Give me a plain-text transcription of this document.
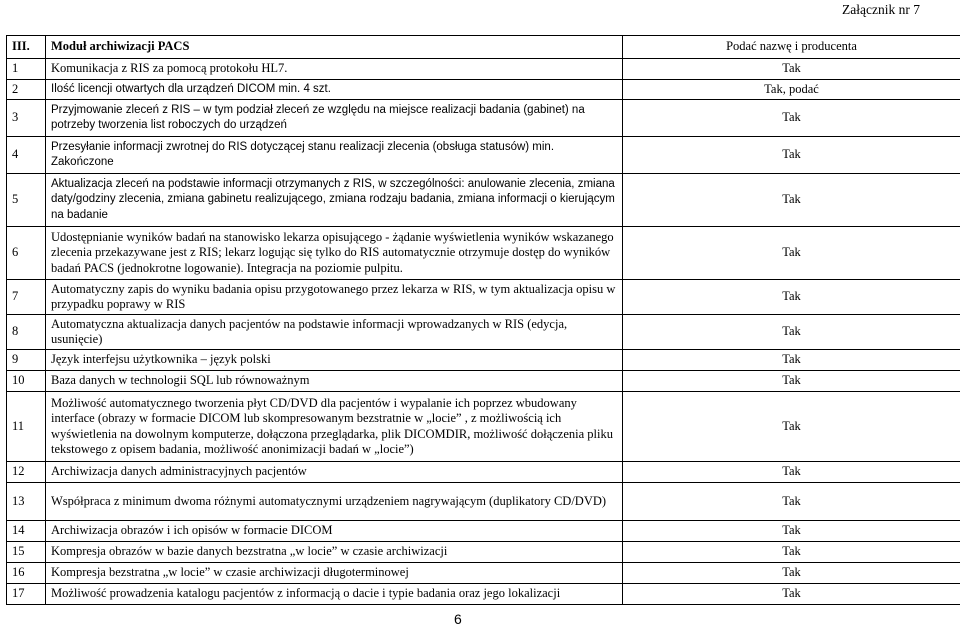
Załącznik nr 7
III.	Moduł archiwizacji PACS	Podać nazwę i producenta
1	Komunikacja z RIS za pomocą protokołu HL7.	Tak
2	Ilość licencji otwartych dla urządzeń DICOM min. 4 szt.	Tak, podać
3	Przyjmowanie zleceń z RIS – w tym podział zleceń ze względu na miejsce realizacji badania (gabinet) na potrzeby tworzenia list roboczych do urządzeń	Tak
4	Przesyłanie informacji zwrotnej do RIS dotyczącej stanu realizacji zlecenia (obsługa statusów) min. Zakończone	Tak
5	Aktualizacja zleceń na podstawie informacji otrzymanych z RIS, w szczególności: anulowanie zlecenia, zmiana daty/godziny zlecenia, zmiana gabinetu realizującego, zmiana rodzaju badania, zmiana informacji o kierującym na badanie	Tak
6	Udostępnianie wyników badań na stanowisko lekarza opisującego - żądanie wyświetlenia wyników wskazanego zlecenia przekazywane jest z RIS; lekarz logując się tylko do RIS automatycznie otrzymuje dostęp do wyników badań PACS (jednokrotne logowanie). Integracja na poziomie pulpitu.	Tak
7	Automatyczny zapis do wyniku badania opisu przygotowanego przez lekarza w RIS, w tym aktualizacja opisu w przypadku poprawy w RIS	Tak
8	Automatyczna aktualizacja danych pacjentów na podstawie informacji wprowadzanych w RIS (edycja, usunięcie)	Tak
9	Język interfejsu użytkownika – język polski	Tak
10	Baza danych w technologii SQL lub równoważnym	Tak
11	Możliwość automatycznego tworzenia płyt CD/DVD dla pacjentów i wypalanie ich poprzez wbudowany interface (obrazy w formacie DICOM lub skompresowanym bezstratnie w „locie” , z możliwością ich wyświetlenia na dowolnym komputerze, dołączona przeglądarka, plik DICOMDIR, możliwość dołączenia pliku tekstowego z opisem badania, możliwość anonimizacji badań w „locie”)	Tak
12	Archiwizacja danych administracyjnych pacjentów	Tak
13	Współpraca z minimum dwoma różnymi automatycznymi urządzeniem nagrywającym (duplikatory CD/DVD)	Tak
14	Archiwizacja obrazów i ich opisów w formacie DICOM	Tak
15	Kompresja obrazów w bazie danych bezstratna „w locie” w czasie archiwizacji	Tak
16	Kompresja bezstratna „w locie” w czasie archiwizacji długoterminowej	Tak
17	Możliwość prowadzenia katalogu pacjentów z informacją o dacie i typie badania oraz jego lokalizacji	Tak
6
